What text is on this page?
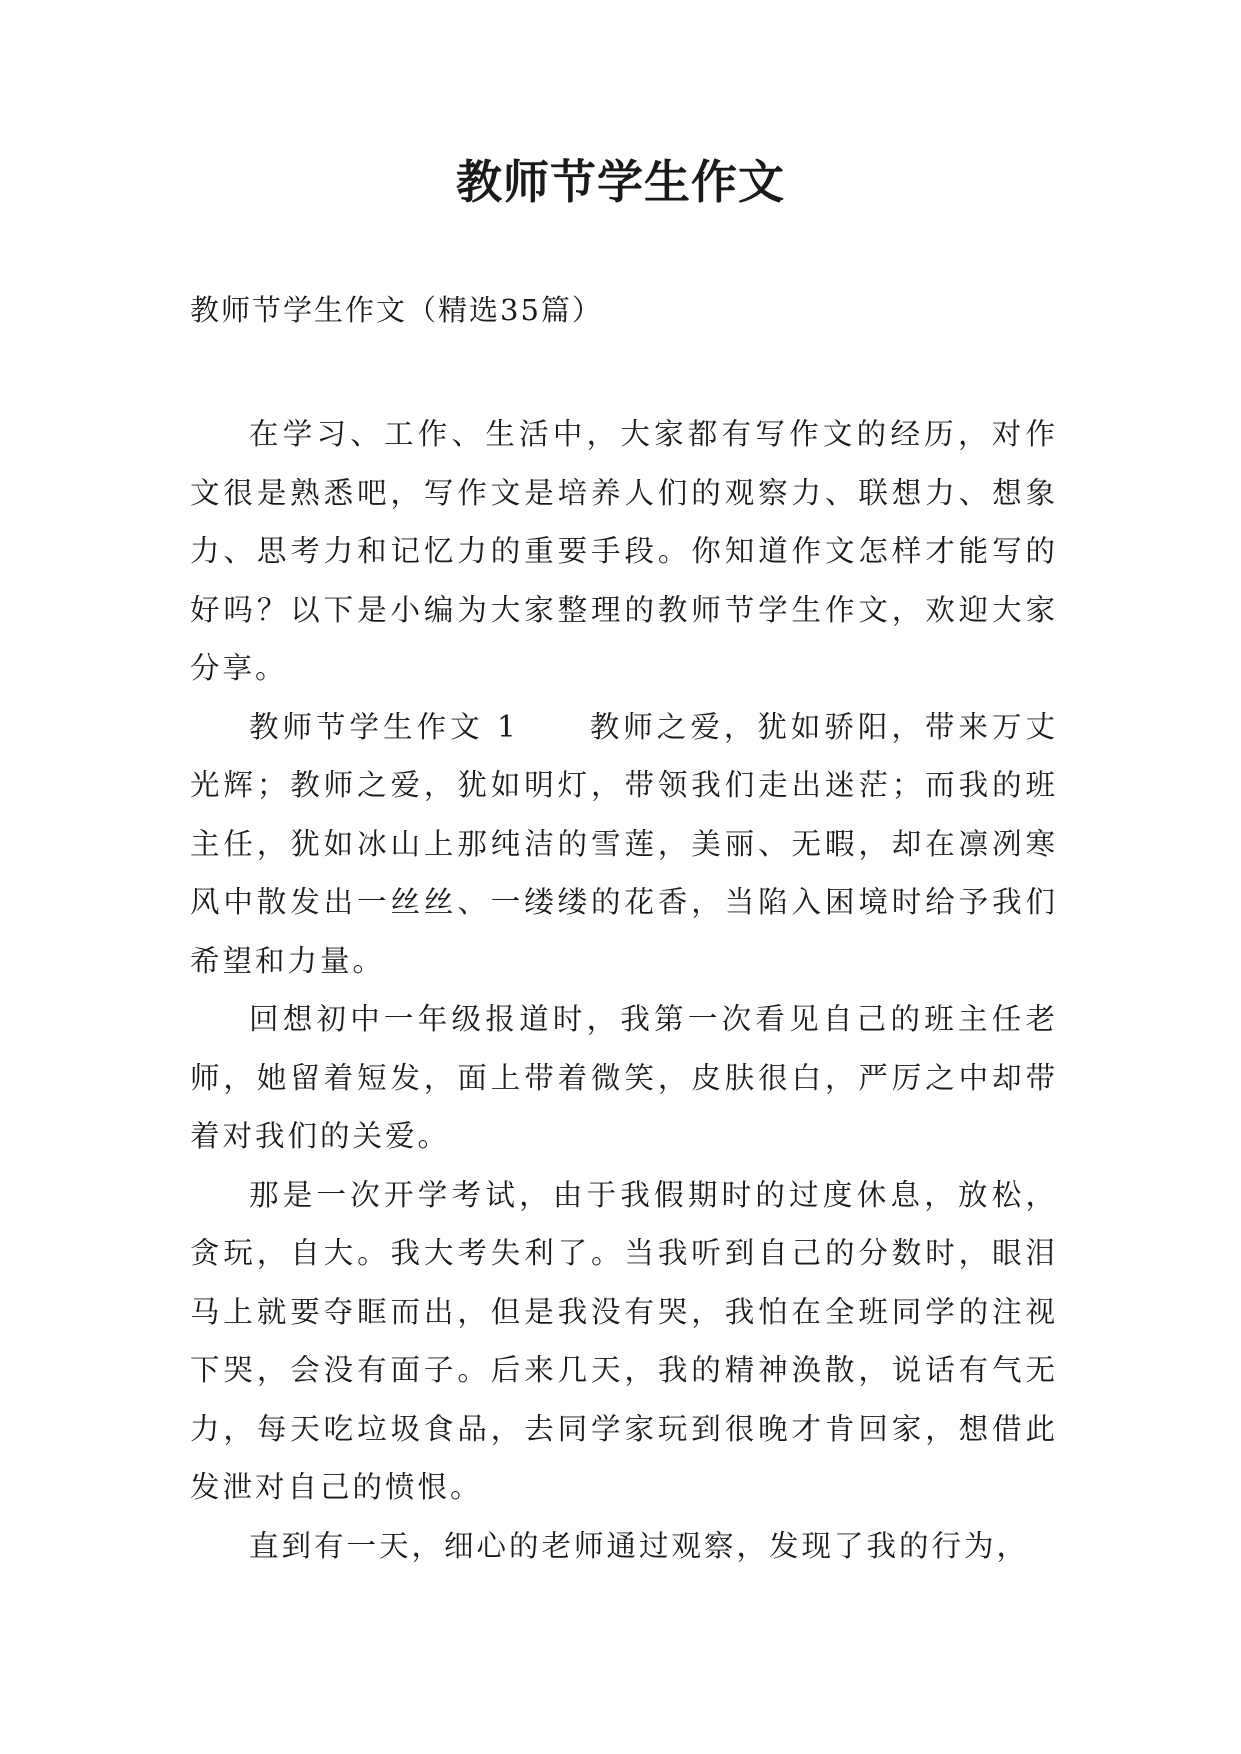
教师节学生作文

教师节学生作文（精选35篇）

在学习、工作、生活中，大家都有写作文的经历，对作文很是熟悉吧，写作文是培养人们的观察力、联想力、想象力、思考力和记忆力的重要手段。你知道作文怎样才能写的好吗？以下是小编为大家整理的教师节学生作文，欢迎大家分享。

教师节学生作文 1 教师之爱，犹如骄阳，带来万丈光辉；教师之爱，犹如明灯，带领我们走出迷茫；而我的班主任，犹如冰山上那纯洁的雪莲，美丽、无暇，却在凛冽寒风中散发出一丝丝、一缕缕的花香，当陷入困境时给予我们希望和力量。

回想初中一年级报道时，我第一次看见自己的班主任老师，她留着短发，面上带着微笑，皮肤很白，严厉之中却带着对我们的关爱。

那是一次开学考试，由于我假期时的过度休息，放松，贪玩，自大。我大考失利了。当我听到自己的分数时，眼泪马上就要夺眶而出，但是我没有哭，我怕在全班同学的注视下哭，会没有面子。后来几天，我的精神涣散，说话有气无力，每天吃垃圾食品，去同学家玩到很晚才肯回家，想借此发泄对自己的愤恨。

直到有一天，细心的老师通过观察，发现了我的行为，
